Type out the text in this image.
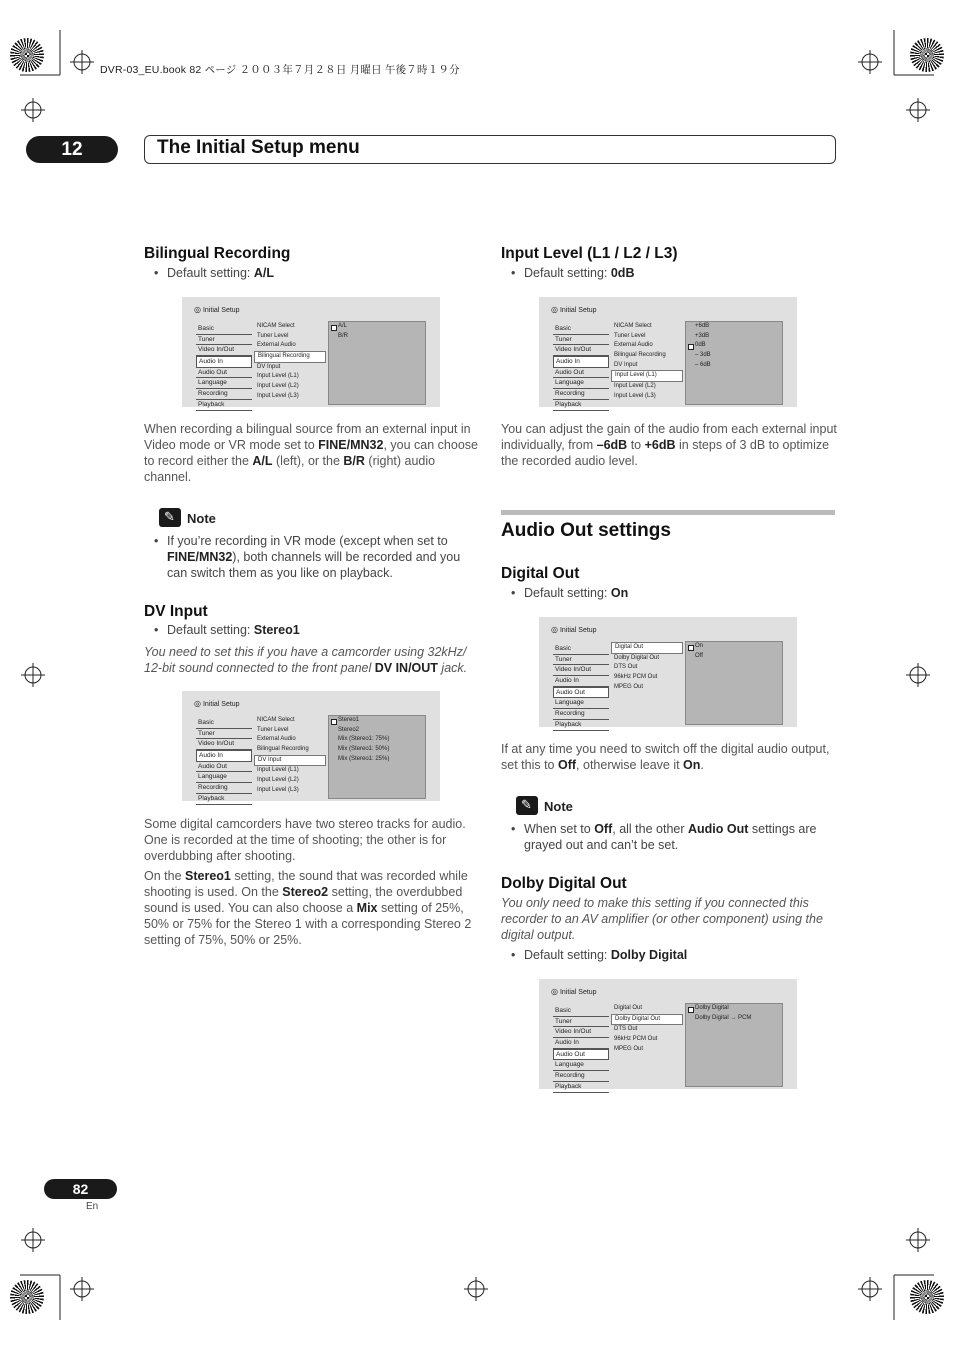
DVR-03_EU.book 82 ページ ２００３年７月２８日 月曜日 午後７時１９分
12	The Initial Setup menu
Bilingual Recording
• Default setting: A/L
◎ Initial Setup
Basic
Tuner
Video In/Out
Audio In
Audio Out
Language
Recording
Playback
NICAM Select
Tuner Level
External Audio
Bilingual Recording
DV Input
Input Level (L1)
Input Level (L2)
Input Level (L3)
A/L
B/R
When recording a bilingual source from an external input in Video mode or VR mode set to FINE/MN32, you can choose to record either the A/L (left), or the B/R (right) audio channel.
✎
Note
• If you’re recording in VR mode (except when set to FINE/MN32), both channels will be recorded and you can switch them as you like on playback.
DV Input
• Default setting: Stereo1
You need to set this if you have a camcorder using 32kHz/ 12-bit sound connected to the front panel DV IN/OUT jack.
◎ Initial Setup
Basic
Tuner
Video In/Out
Audio In
Audio Out
Language
Recording
Playback
NICAM Select
Tuner Level
External Audio
Bilingual Recording
DV Input
Input Level (L1)
Input Level (L2)
Input Level (L3)
Stereo1
Stereo2
Mix (Stereo1: 75%)
Mix (Stereo1: 50%)
Mix (Stereo1: 25%)
Some digital camcorders have two stereo tracks for audio. One is recorded at the time of shooting; the other is for overdubbing after shooting.
On the Stereo1 setting, the sound that was recorded while shooting is used. On the Stereo2 setting, the overdubbed sound is used. You can also choose a Mix setting of 25%, 50% or 75% for the Stereo 1 with a corresponding Stereo 2 setting of 75%, 50% or 25%.
Input Level (L1 / L2 / L3)
• Default setting: 0dB
◎ Initial Setup
Basic
Tuner
Video In/Out
Audio In
Audio Out
Language
Recording
Playback
NICAM Select
Tuner Level
External Audio
Bilingual Recording
DV Input
Input Level (L1)
Input Level (L2)
Input Level (L3)
+6dB
+3dB
0dB
– 3dB
– 6dB
You can adjust the gain of the audio from each external input individually, from –6dB to +6dB in steps of 3 dB to optimize the recorded audio level.
Audio Out settings
Digital Out
• Default setting: On
◎ Initial Setup
Basic
Tuner
Video In/Out
Audio In
Audio Out
Language
Recording
Playback
Digital Out
Dolby Digital Out
DTS Out
96kHz PCM Out
MPEG Out
On
Off
If at any time you need to switch off the digital audio output, set this to Off, otherwise leave it On.
✎
Note
• When set to Off, all the other Audio Out settings are grayed out and can’t be set.
Dolby Digital Out
You only need to make this setting if you connected this recorder to an AV amplifier (or other component) using the digital output.
• Default setting: Dolby Digital
◎ Initial Setup
Basic
Tuner
Video In/Out
Audio In
Audio Out
Language
Recording
Playback
Digital Out
Dolby Digital Out
DTS Out
96kHz PCM Out
MPEG Out
Dolby Digital
Dolby Digital → PCM
82
En
